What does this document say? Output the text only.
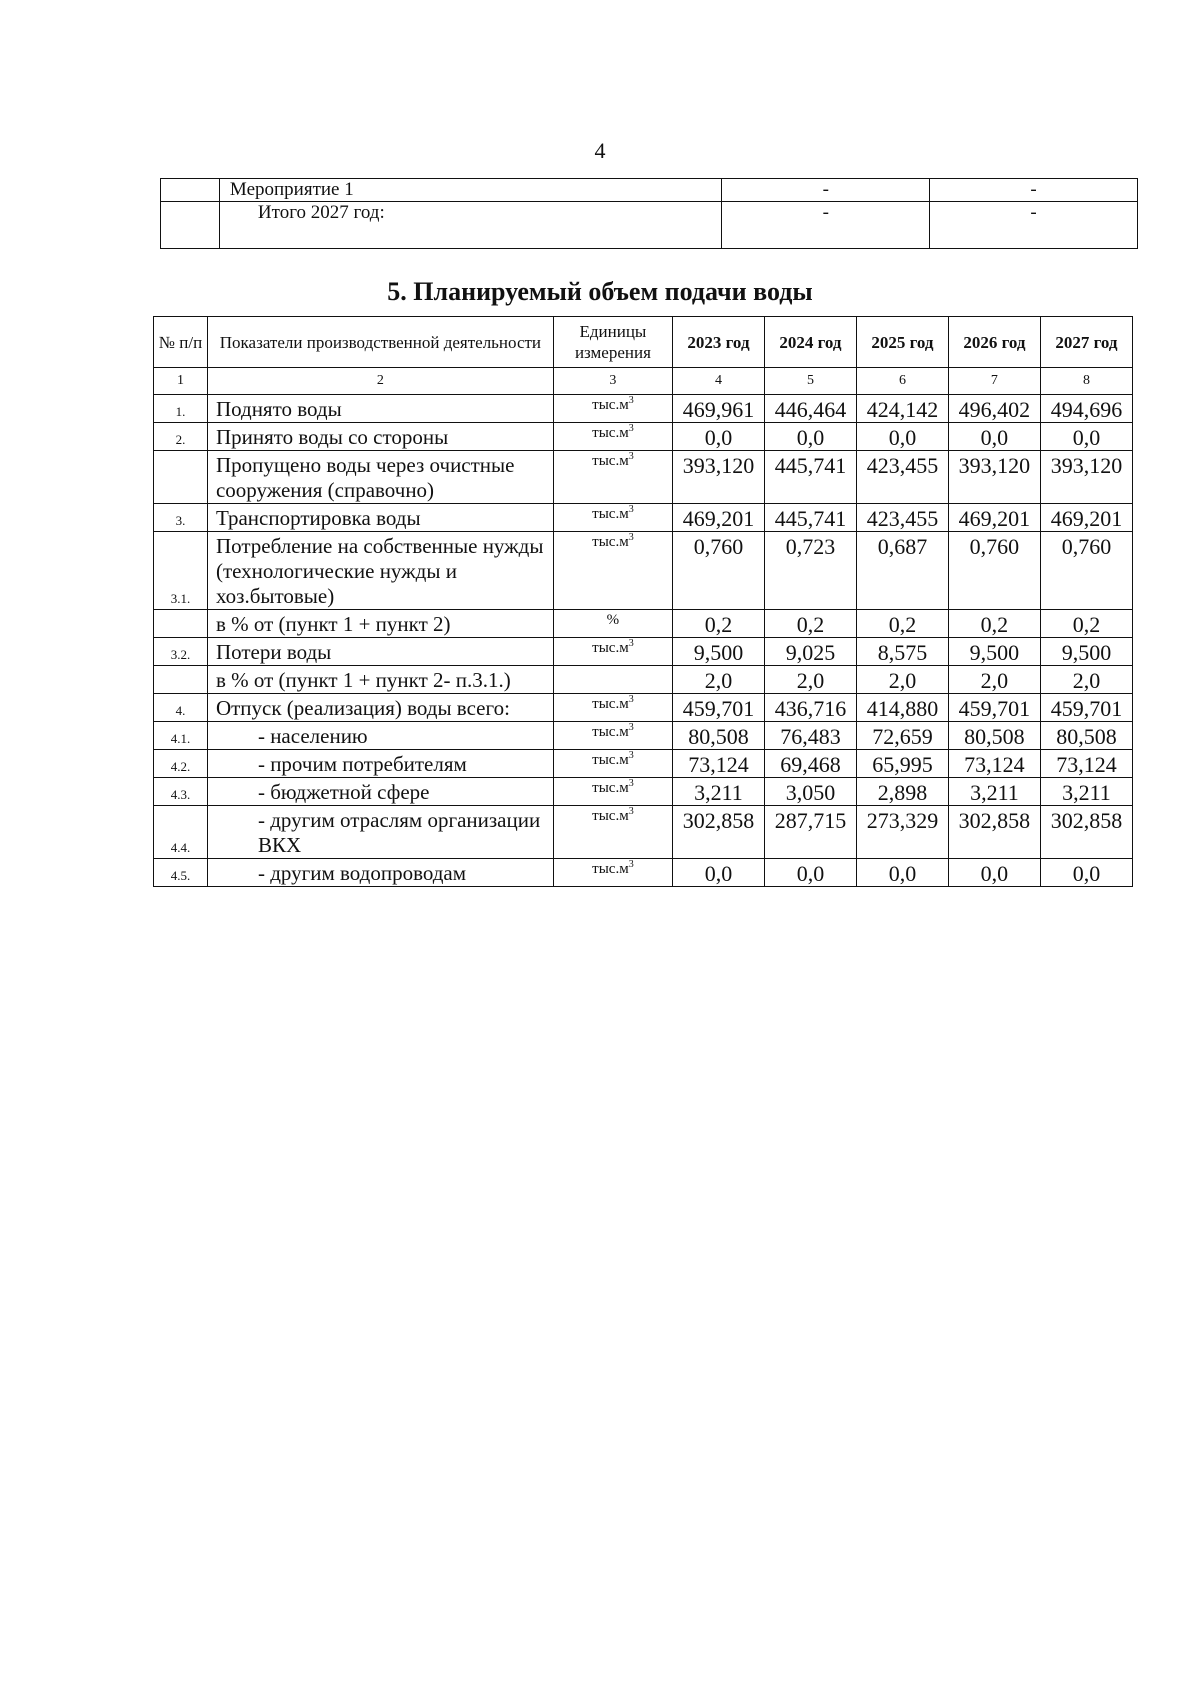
4
	Мероприятие 1	-	-
	Итого 2027 год:	-	-
5. Планируемый объем подачи воды
№ п/п	Показатели производственной деятельности	Единицы измерения	2023 год	2024 год	2025 год	2026 год	2027 год
1	2	3	4	5	6	7	8
1.	Поднято воды	$тыс.м^3$	469,961	446,464	424,142	496,402	494,696
2.	Принято воды со стороны	$тыс.м^3$	0,0	0,0	0,0	0,0	0,0
	Пропущено воды через очистные сооружения (справочно)	$тыс.м^3$	393,120	445,741	423,455	393,120	393,120
3.	Транспортировка воды	$тыс.м^3$	469,201	445,741	423,455	469,201	469,201
3.1.	Потребление на собственные нужды (технологические нужды и хоз.бытовые)	$тыс.м^3$	0,760	0,723	0,687	0,760	0,760
	в % от (пункт 1 + пункт 2)	%	0,2	0,2	0,2	0,2	0,2
3.2.	Потери воды	$тыс.м^3$	9,500	9,025	8,575	9,500	9,500
	в % от (пункт 1 + пункт 2- п.3.1.)		2,0	2,0	2,0	2,0	2,0
4.	Отпуск (реализация) воды всего:	$тыс.м^3$	459,701	436,716	414,880	459,701	459,701
4.1.	- населению	$тыс.м^3$	80,508	76,483	72,659	80,508	80,508
4.2.	- прочим потребителям	$тыс.м^3$	73,124	69,468	65,995	73,124	73,124
4.3.	- бюджетной сфере	$тыс.м^3$	3,211	3,050	2,898	3,211	3,211
4.4.	- другим отраслям организации ВКХ	$тыс.м^3$	302,858	287,715	273,329	302,858	302,858
4.5.	- другим водопроводам	$тыс.м^3$	0,0	0,0	0,0	0,0	0,0
